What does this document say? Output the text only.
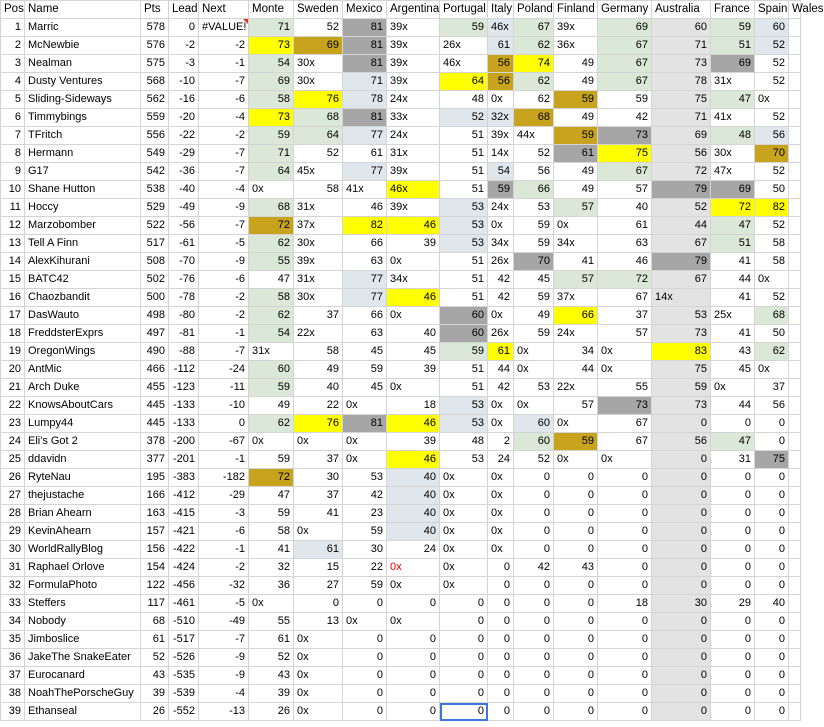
Pos	Name	Pts	Lead	Next	Monte	Sweden	Mexico	Argentina	Portugal	Italy	Poland	Finland	Germany	Australia	France	Spain	Wales
1	Marric	578	0	#VALUE!	71	52	81	39x	59	46x	67	39x	69	60	59	60	
2	McNewbie	576	-2	-2	73	69	81	39x	26x	61	62	36x	67	71	51	52	
3	Nealman	575	-3	-1	54	30x	81	39x	46x	56	74	49	67	73	69	52	
4	Dusty Ventures	568	-10	-7	69	30x	71	39x	64	56	62	49	67	78	31x	52	
5	Sliding-Sideways	562	-16	-6	58	76	78	24x	48	0x	62	59	59	75	47	0x	
6	Timmybings	559	-20	-4	73	68	81	33x	52	32x	68	49	42	71	41x	52	
7	TFritch	556	-22	-2	59	64	77	24x	51	39x	44x	59	73	69	48	56	
8	Hermann	549	-29	-7	71	52	61	31x	51	14x	52	61	75	56	30x	70	
9	G17	542	-36	-7	64	45x	77	39x	51	54	56	49	67	72	47x	52	
10	Shane Hutton	538	-40	-4	0x	58	41x	46x	51	59	66	49	57	79	69	50	
11	Hoccy	529	-49	-9	68	31x	46	39x	53	24x	53	57	40	52	72	82	
12	Marzobomber	522	-56	-7	72	37x	82	46	53	0x	59	0x	61	44	47	52	
13	Tell A Finn	517	-61	-5	62	30x	66	39	53	34x	59	34x	63	67	51	58	
14	AlexKihurani	508	-70	-9	55	39x	63	0x	51	26x	70	41	46	79	41	58	
15	BATC42	502	-76	-6	47	31x	77	34x	51	42	45	57	72	67	44	0x	
16	Chaozbandit	500	-78	-2	58	30x	77	46	51	42	59	37x	67	14x	41	52	
17	DasWauto	498	-80	-2	62	37	66	0x	60	0x	49	66	37	53	25x	68	
18	FreddsterExprs	497	-81	-1	54	22x	63	40	60	26x	59	24x	57	73	41	50	
19	OregonWings	490	-88	-7	31x	58	45	45	59	61	0x	34	0x	83	43	62	
20	AntMic	466	-112	-24	60	49	59	39	51	44	0x	44	0x	75	45	0x	
21	Arch Duke	455	-123	-11	59	40	45	0x	51	42	53	22x	55	59	0x	37	
22	KnowsAboutCars	445	-133	-10	49	22	0x	18	53	0x	0x	57	73	73	44	56	
23	Lumpy44	445	-133	0	62	76	81	46	53	0x	60	0x	67	0	0	0	
24	Eli's Got 2	378	-200	-67	0x	0x	0x	39	48	2	60	59	67	56	47	0	
25	ddavidn	377	-201	-1	59	37	0x	46	53	24	52	0x	0x	0	31	75	
26	RyteNau	195	-383	-182	72	30	53	40	0x	0x	0	0	0	0	0	0	
27	thejustache	166	-412	-29	47	37	42	40	0x	0x	0	0	0	0	0	0	
28	Brian Ahearn	163	-415	-3	59	41	23	40	0x	0x	0	0	0	0	0	0	
29	KevinAhearn	157	-421	-6	58	0x	59	40	0x	0x	0	0	0	0	0	0	
30	WorldRallyBlog	156	-422	-1	41	61	30	24	0x	0x	0	0	0	0	0	0	
31	Raphael Orlove	154	-424	-2	32	15	22	0x	0x	0	42	43	0	0	0	0	
32	FormulaPhoto	122	-456	-32	36	27	59	0x	0x	0	0	0	0	0	0	0	
33	Steffers	117	-461	-5	0x	0	0	0	0	0	0	0	18	30	29	40	
34	Nobody	68	-510	-49	55	13	0x	0x	0	0	0	0	0	0	0	0	
35	Jimboslice	61	-517	-7	61	0x	0	0	0	0	0	0	0	0	0	0	
36	JakeThe SnakeEater	52	-526	-9	52	0x	0	0	0	0	0	0	0	0	0	0	
37	Eurocanard	43	-535	-9	43	0x	0	0	0	0	0	0	0	0	0	0	
38	NoahThePorscheGuy	39	-539	-4	39	0x	0	0	0	0	0	0	0	0	0	0	
39	Ethanseal	26	-552	-13	26	0x	0	0	0	0	0	0	0	0	0	0	
